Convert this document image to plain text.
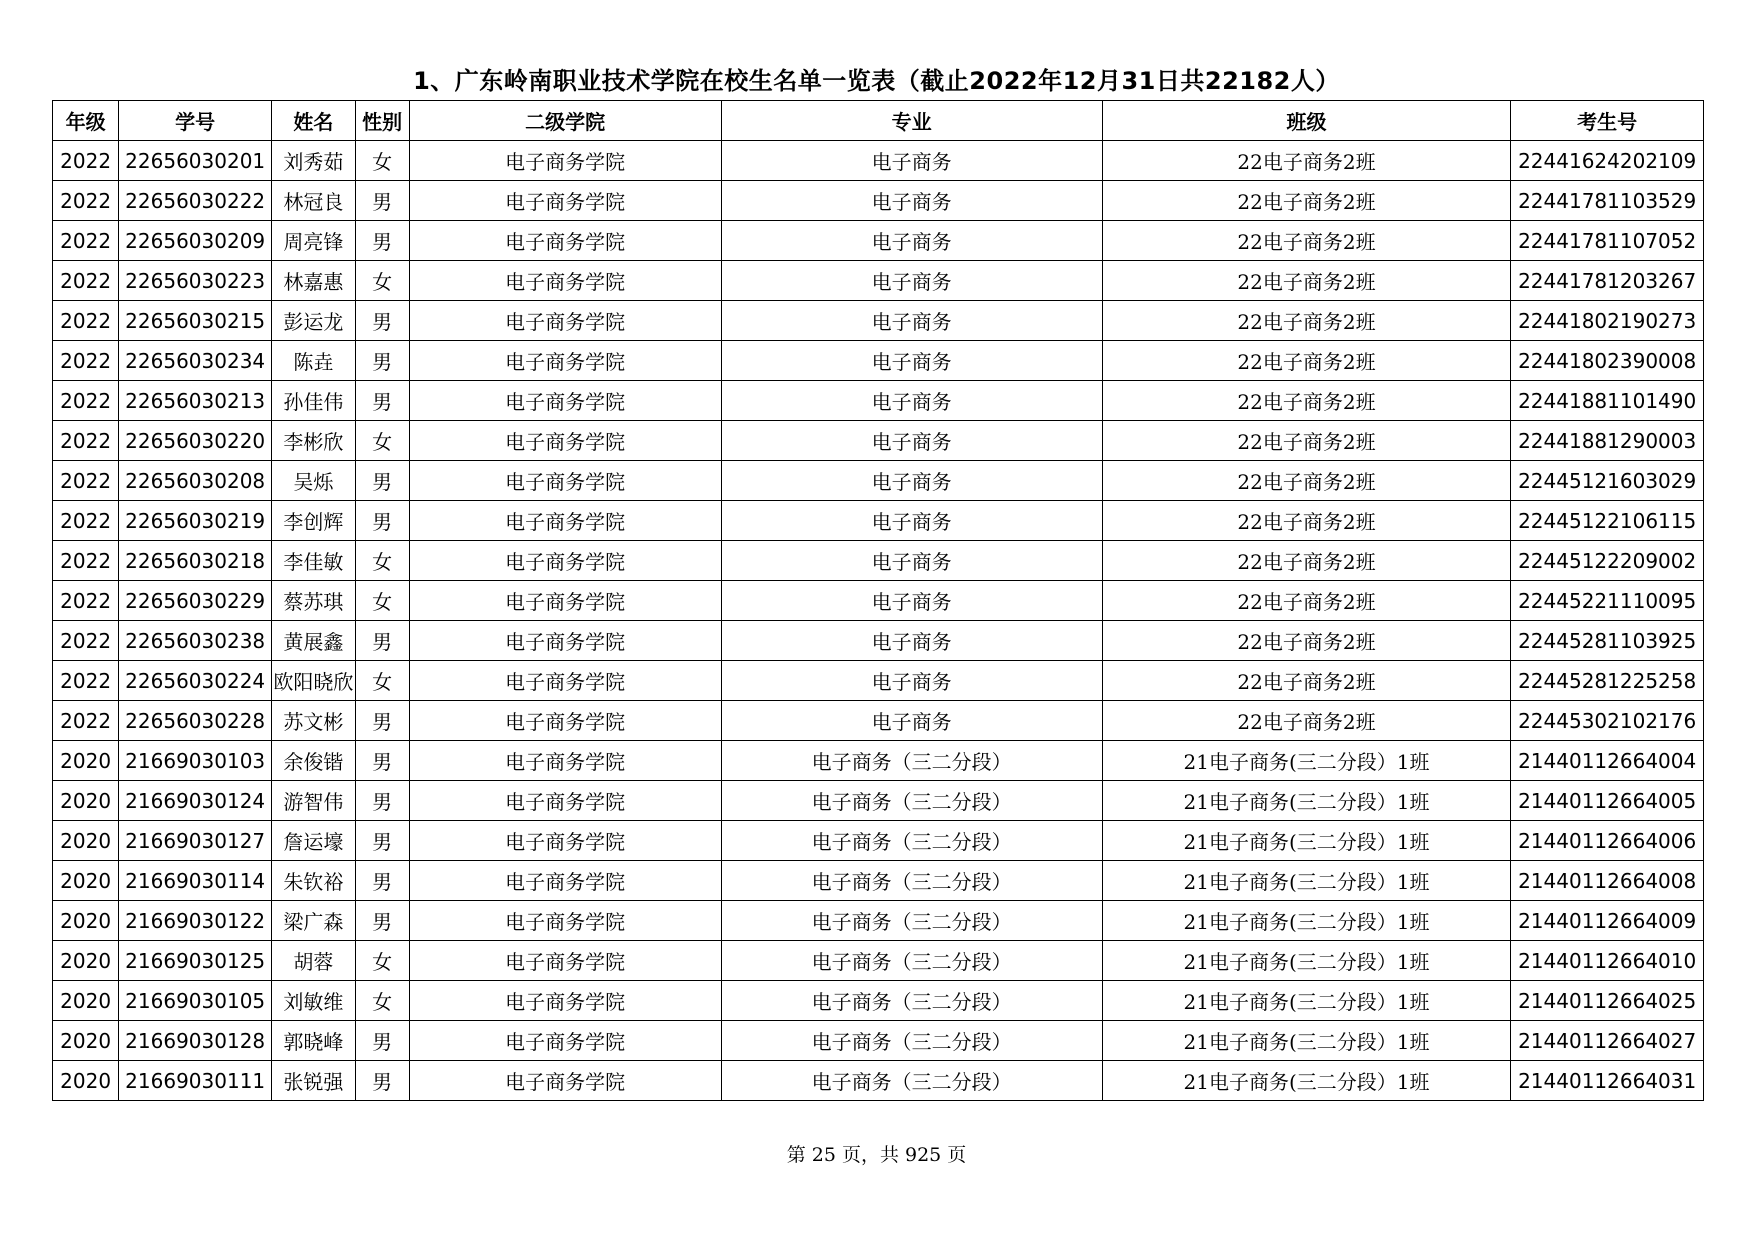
1、广东岭南职业技术学院在校生名单一览表（截止2022年12月31日共22182人）
年级	学号	姓名	性别	二级学院	专业	班级	考生号
2022	22656030201	刘秀茹	女	电子商务学院	电子商务	22电子商务2班	22441624202109
2022	22656030222	林冠良	男	电子商务学院	电子商务	22电子商务2班	22441781103529
2022	22656030209	周亮锋	男	电子商务学院	电子商务	22电子商务2班	22441781107052
2022	22656030223	林嘉惠	女	电子商务学院	电子商务	22电子商务2班	22441781203267
2022	22656030215	彭运龙	男	电子商务学院	电子商务	22电子商务2班	22441802190273
2022	22656030234	陈垚	男	电子商务学院	电子商务	22电子商务2班	22441802390008
2022	22656030213	孙佳伟	男	电子商务学院	电子商务	22电子商务2班	22441881101490
2022	22656030220	李彬欣	女	电子商务学院	电子商务	22电子商务2班	22441881290003
2022	22656030208	吴烁	男	电子商务学院	电子商务	22电子商务2班	22445121603029
2022	22656030219	李创辉	男	电子商务学院	电子商务	22电子商务2班	22445122106115
2022	22656030218	李佳敏	女	电子商务学院	电子商务	22电子商务2班	22445122209002
2022	22656030229	蔡苏琪	女	电子商务学院	电子商务	22电子商务2班	22445221110095
2022	22656030238	黄展鑫	男	电子商务学院	电子商务	22电子商务2班	22445281103925
2022	22656030224	欧阳晓欣	女	电子商务学院	电子商务	22电子商务2班	22445281225258
2022	22656030228	苏文彬	男	电子商务学院	电子商务	22电子商务2班	22445302102176
2020	21669030103	余俊锴	男	电子商务学院	电子商务（三二分段）	21电子商务(三二分段）1班	21440112664004
2020	21669030124	游智伟	男	电子商务学院	电子商务（三二分段）	21电子商务(三二分段）1班	21440112664005
2020	21669030127	詹运壕	男	电子商务学院	电子商务（三二分段）	21电子商务(三二分段）1班	21440112664006
2020	21669030114	朱钦裕	男	电子商务学院	电子商务（三二分段）	21电子商务(三二分段）1班	21440112664008
2020	21669030122	梁广森	男	电子商务学院	电子商务（三二分段）	21电子商务(三二分段）1班	21440112664009
2020	21669030125	胡蓉	女	电子商务学院	电子商务（三二分段）	21电子商务(三二分段）1班	21440112664010
2020	21669030105	刘敏维	女	电子商务学院	电子商务（三二分段）	21电子商务(三二分段）1班	21440112664025
2020	21669030128	郭晓峰	男	电子商务学院	电子商务（三二分段）	21电子商务(三二分段）1班	21440112664027
2020	21669030111	张锐强	男	电子商务学院	电子商务（三二分段）	21电子商务(三二分段）1班	21440112664031
第 25 页，共 925 页
